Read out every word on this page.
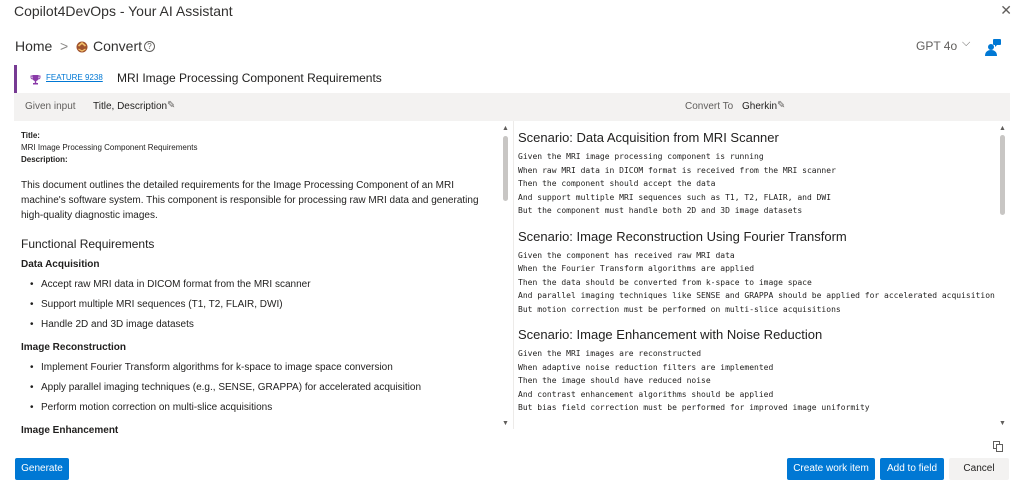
Copilot4DevOps - Your AI Assistant	✕
Home > Convert ?	GPT 4o ⌵
FEATURE 9238 MRI Image Processing Component Requirements
Given input Title, Description ✎	Convert To Gherkin ✎
Title:
MRI Image Processing Component Requirements
Description:
This document outlines the detailed requirements for the Image Processing Component of an MRI machine's software system. This component is responsible for processing raw MRI data and generating high-quality diagnostic images.
Functional Requirements
Data Acquisition
• Accept raw MRI data in DICOM format from the MRI scanner
• Support multiple MRI sequences (T1, T2, FLAIR, DWI)
• Handle 2D and 3D image datasets
Image Reconstruction
• Implement Fourier Transform algorithms for k-space to image space conversion
• Apply parallel imaging techniques (e.g., SENSE, GRAPPA) for accelerated acquisition
• Perform motion correction on multi-slice acquisitions
Image Enhancement
▲
▼
Scenario: Data Acquisition from MRI Scanner
Given the MRI image processing component is running
When raw MRI data in DICOM format is received from the MRI scanner
Then the component should accept the data
And support multiple MRI sequences such as T1, T2, FLAIR, and DWI
But the component must handle both 2D and 3D image datasets
Scenario: Image Reconstruction Using Fourier Transform
Given the component has received raw MRI data
When the Fourier Transform algorithms are applied
Then the data should be converted from k-space to image space
And parallel imaging techniques like SENSE and GRAPPA should be applied for accelerated acquisition
But motion correction must be performed on multi-slice acquisitions
Scenario: Image Enhancement with Noise Reduction
Given the MRI images are reconstructed
When adaptive noise reduction filters are implemented
Then the image should have reduced noise
And contrast enhancement algorithms should be applied
But bias field correction must be performed for improved image uniformity
▲
▼
Generate	Create work item	Add to field	Cancel
